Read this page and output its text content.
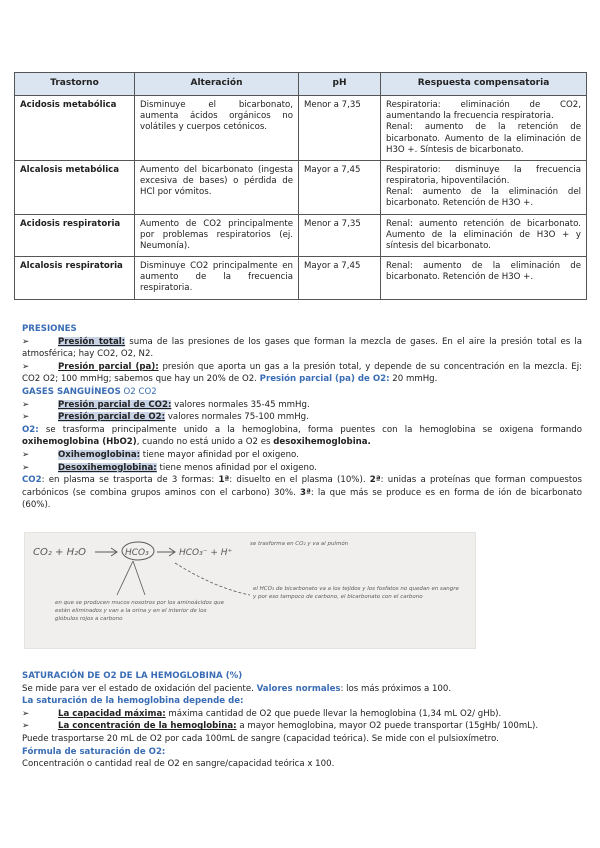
Trastorno	Alteración	pH	Respuesta compensatoria
Acidosis metabólica	Disminuye el bicarbonato, aumenta ácidos orgánicos no volátiles y cuerpos cetónicos.	Menor a 7,35	Respiratoria: eliminación de CO2, aumentando la frecuencia respiratoria.
Renal: aumento de la retención de bicarbonato. Aumento de la eliminación de H3O +. Síntesis de bicarbonato.

Alcalosis metabólica	Aumento del bicarbonato (ingesta excesiva de bases) o pérdida de HCl por vómitos.	Mayor a 7,45	Respiratorio: disminuye la frecuencia respiratoria, hipoventilación.
Renal: aumento de la eliminación del bicarbonato. Retención de H3O +.

Acidosis respiratoria	Aumento de CO2 principalmente por problemas respiratorios (ej. Neumonía).	Menor a 7,35	Renal: aumento retención de bicarbonato. Aumento de la eliminación de H3O + y síntesis del bicarbonato.

Alcalosis respiratoria	Disminuye CO2 principalmente en aumento de la frecuencia respiratoria.	Mayor a 7,45	Renal: aumento de la eliminación de bicarbonato. Retención de H3O +.
PRESIONES
➢	Presión total: suma de las presiones de los gases que forman la mezcla de gases. En el aire la presión total es la atmosférica; hay CO2, O2, N2.
➢	Presión parcial (pa): presión que aporta un gas a la presión total, y depende de su concentración en la mezcla. Ej: CO2 O2; 100 mmHg; sabemos que hay un 20% de O2. Presión parcial (pa) de O2: 20 mmHg.
GASES SANGUÍNEOS O2 CO2
➢	Presión parcial de CO2: valores normales 35-45 mmHg.
➢	Presión parcial de O2: valores normales 75-100 mmHg.
O2: se trasforma principalmente unido a la hemoglobina, forma puentes con la hemoglobina se oxigena formando oxihemoglobina (HbO2), cuando no está unido a O2 es desoxihemoglobina.
➢	Oxihemoglobina: tiene mayor afinidad por el oxigeno.
➢	Desoxihemoglobina: tiene menos afinidad por el oxigeno.
CO2: en plasma se trasporta de 3 formas: 1ª: disuelto en el plasma (10%). 2ª: unidas a proteínas que forman compuestos carbónicos (se combina grupos aminos con el carbono) 30%. 3ª: la que más se produce es en forma de ión de bicarbonato (60%).
CO₂ + H₂O	HCO₃	HCO₃⁻ + H⁺
se trasforma en CO₂ y va al pulmón
en que se producen mucos nosotros por los aminoácidos que están eliminados y van a la orina y en el interior de los glóbulos rojos a carbono
el HCO₃ de bicarbonato va a los tejidos y los fosfatos no quedan en sangre y por eso tampoco de carbono, el bicarbonato con el carbono
SATURACIÓN DE O2 DE LA HEMOGLOBINA (%)
Se mide para ver el estado de oxidación del paciente. Valores normales: los más próximos a 100.
La saturación de la hemoglobina depende de:
➢	La capacidad máxima: máxima cantidad de O2 que puede llevar la hemoglobina (1,34 mL O2/ gHb).
➢	La concentración de la hemoglobina: a mayor hemoglobina, mayor O2 puede transportar (15gHb/ 100mL).
Puede trasportarse 20 mL de O2 por cada 100mL de sangre (capacidad teórica). Se mide con el pulsioxímetro.
Fórmula de saturación de O2:
Concentración o cantidad real de O2 en sangre/capacidad teórica x 100.
